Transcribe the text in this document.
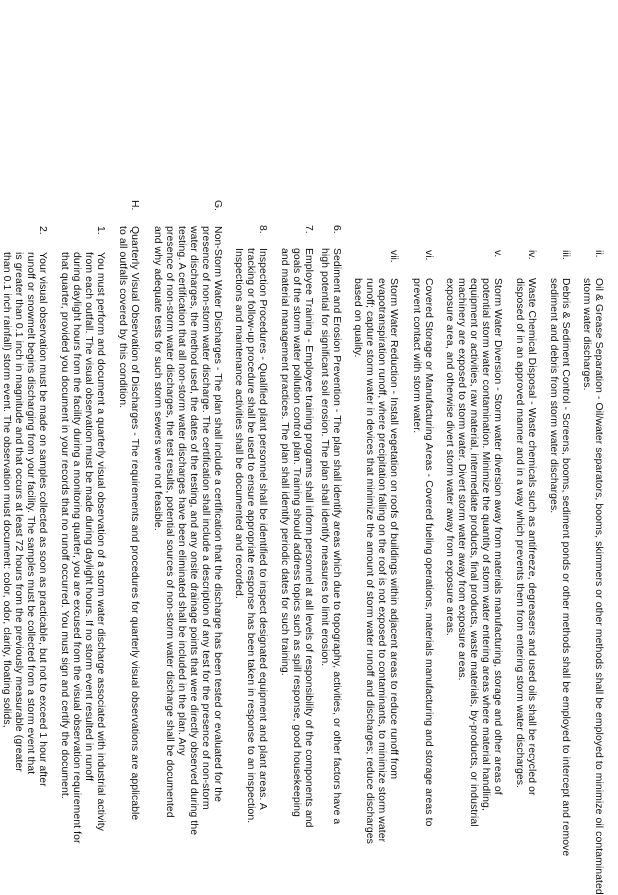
ii.
Oil & Grease Separation - Oil/water separators, booms, skimmers or other methods shall be employed to minimize oil contaminated
storm water discharges.
iii.
Debris & Sediment Control - Screens, booms, sediment ponds or other methods shall be employed to intercept and remove
sediment and debris from storm water discharges.
iv.
Waste Chemical Disposal - Waste chemicals such as antifreeze, degreasers and used oils shall be recycled or
disposed of in an approved manner and in a way which prevents them from entering storm water discharges.
v.
Storm Water Diversion - Storm water diversion away from materials manufacturing, storage and other areas of
potential storm water contamination. Minimize the quantity of storm water entering areas where material handling,
equipment or activities, raw material, intermediate products, final products, waste materials, by-products, or industrial
machinery are exposed to storm water. Divert storm water away from exposure areas.
exposure area, and otherwise divert storm water away from exposure areas.
vi.
Covered Storage or Manufacturing Areas - Covered fueling operations, materials manufacturing and storage areas to
prevent contact with storm water.
vii.
Storm Water Reduction - Install vegetation on roofs of buildings within adjacent areas to reduce runoff from
evapotranspiration runoff, where precipitation falling on the roof is not exposed to contaminants, to minimize storm water
runoff; capture storm water in devices that minimize the amount of storm water runoff and discharges; reduce discharges
based on quality.
6.
Sediment and Erosion Prevention - The plan shall identify areas which due to topography, activities, or other factors have a
high potential for significant soil erosion. The plan shall identify measures to limit erosion.
7.
Employee Training - Employee training programs shall inform personnel at all levels of responsibility of the components and
goals of the storm water pollution control plan. Training should address topics such as spill response, good housekeeping
and material management practices. The plan shall identify periodic dates for such training.
8.
Inspection Procedures - Qualified plant personnel shall be identified to inspect designated equipment and plant areas. A
tracking or follow-up procedure shall be used to ensure appropriate response has been taken in response to an inspection.
Inspections and maintenance activities shall be documented and recorded.
G.
Non-Storm Water Discharges - The plan shall include a certification that the discharge has been tested or evaluated for the
presence of non-storm water discharge. The certification shall include a description of any test for the presence of non-storm
water discharges, the method used, the dates of the testing, and any onsite drainage points that were directly observed during the
testing. A certification that all non-storm water discharges have been eliminated shall be included in the plan. Any
presence of non-storm water discharges, the test results, potential sources of non-storm water discharge shall be documented
and why adequate tests for such storm sewers were not feasible.
H.
Quarterly Visual Observation of Discharges - The requirements and procedures for quarterly visual observations are applicable
to all outfalls covered by this condition.
1.
You must perform and document a quarterly visual observation of a storm water discharge associated with industrial activity
from each outfall. The visual observation must be made during daylight hours. If no storm event resulted in runoff
during daylight hours from the facility during a monitoring quarter, you are excused from the visual observation requirement for
that quarter, provided you document in your records that no runoff occurred. You must sign and certify the document.
2.
Your visual observation must be made on samples collected as soon as practicable, but not to exceed 1 hour after
runoff or snowmelt begins discharging from your facility. The samples must be collected from a storm event that
is greater than 0.1 inch in magnitude and that occurs at least 72 hours from the previously measurable (greater
than 0.1 inch rainfall) storm event. The observation must document: color, odor, clarity, floating solids,
